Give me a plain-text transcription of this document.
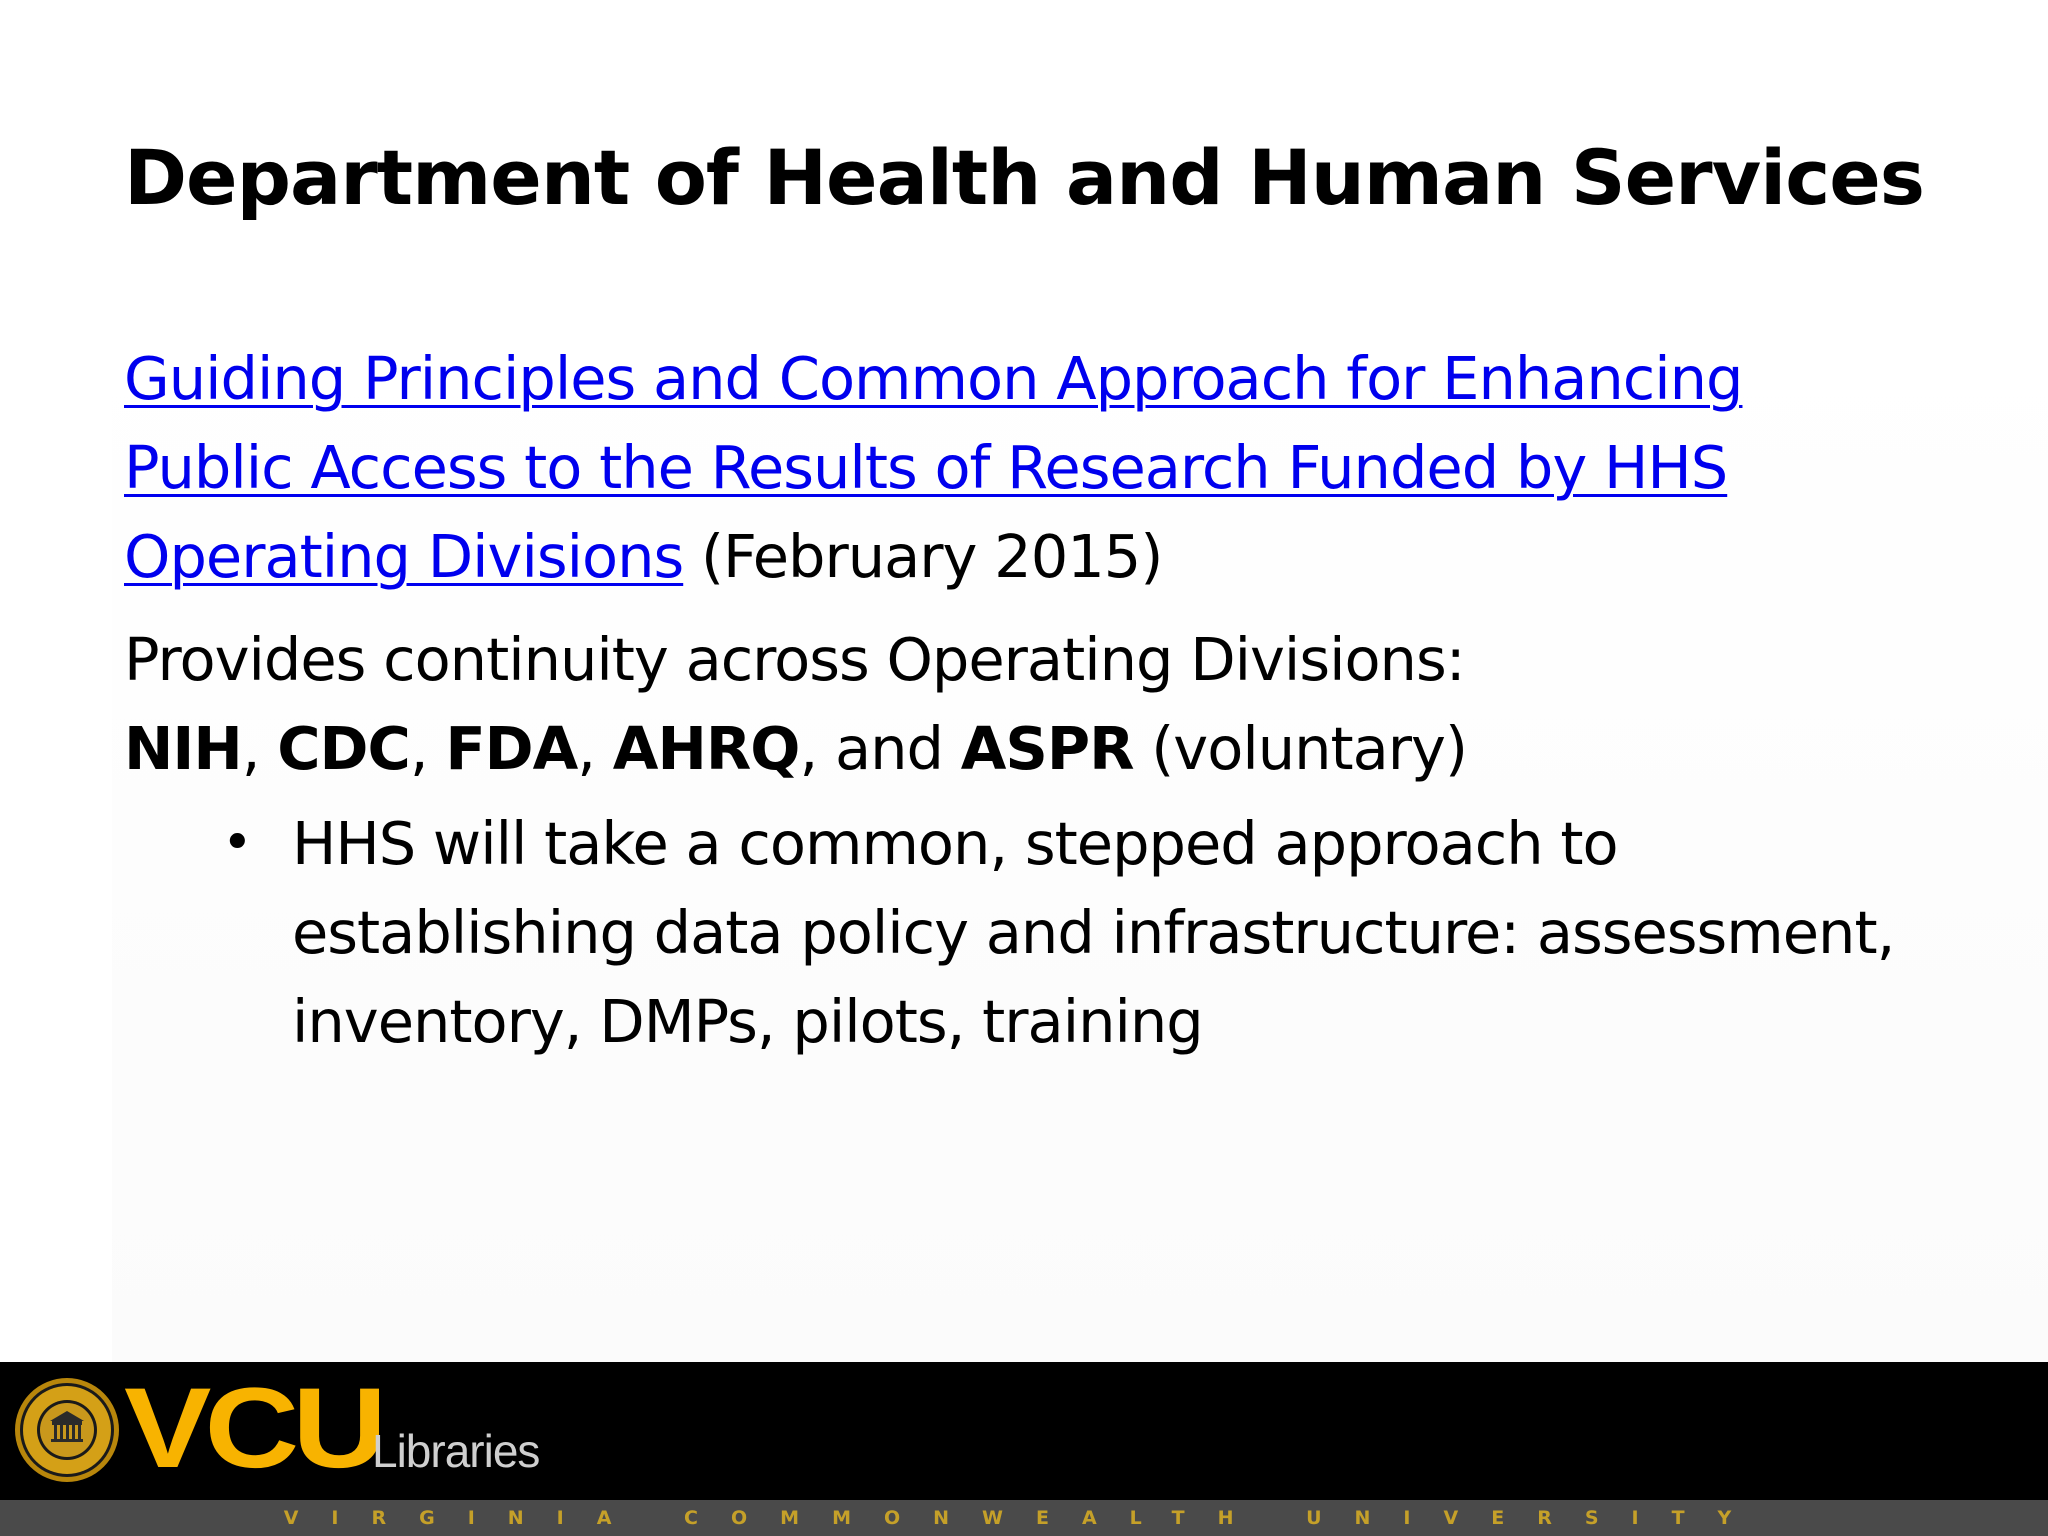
Department of Health and Human Services

Guiding Principles and Common Approach for Enhancing Public Access to the Results of Research Funded by HHS Operating Divisions (February 2015)

Provides continuity across Operating Divisions:

NIH, CDC, FDA, AHRQ, and ASPR (voluntary)

• HHS will take a common, stepped approach to establishing data policy and infrastructure: assessment, inventory, DMPs, pilots, training
VCU
Libraries
VIRGINIA COMMONWEALTH UNIVERSITY
